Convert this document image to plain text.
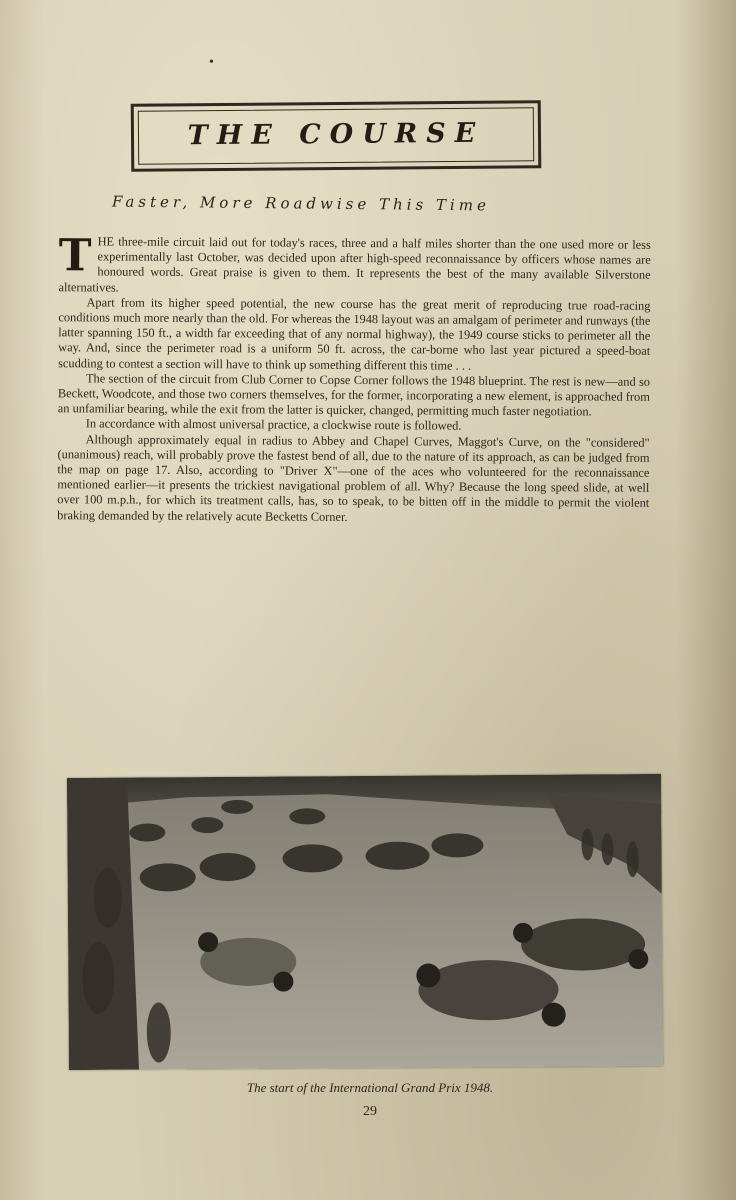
•
THE COURSE
Faster, More Roadwise This Time
T HE three-mile circuit laid out for today's races, three and a half miles shorter than the one used more or less experimentally last October, was decided upon after high-speed reconnaissance by officers whose names are honoured words. Great praise is given to them. It represents the best of the many available Silverstone alternatives.

Apart from its higher speed potential, the new course has the great merit of reproducing true road-racing conditions much more nearly than the old. For whereas the 1948 layout was an amalgam of perimeter and runways (the latter spanning 150 ft., a width far exceeding that of any normal highway), the 1949 course sticks to perimeter all the way. And, since the perimeter road is a uniform 50 ft. across, the car-borne who last year pictured a speed-boat scudding to contest a section will have to think up something different this time . . .

The section of the circuit from Club Corner to Copse Corner follows the 1948 blueprint. The rest is new—and so Beckett, Woodcote, and those two corners themselves, for the former, incorporating a new element, is approached from an unfamiliar bearing, while the exit from the latter is quicker, changed, permitting much faster negotiation.

In accordance with almost universal practice, a clockwise route is followed.

Although approximately equal in radius to Abbey and Chapel Curves, Maggot's Curve, on the "considered" (unanimous) reach, will probably prove the fastest bend of all, due to the nature of its approach, as can be judged from the map on page 17. Also, according to "Driver X"—one of the aces who volunteered for the reconnaissance mentioned earlier—it presents the trickiest navigational problem of all. Why? Because the long speed slide, at well over 100 m.p.h., for which its treatment calls, has, so to speak, to be bitten off in the middle to permit the violent braking demanded by the relatively acute Becketts Corner.

The start of the International Grand Prix 1948.
29
